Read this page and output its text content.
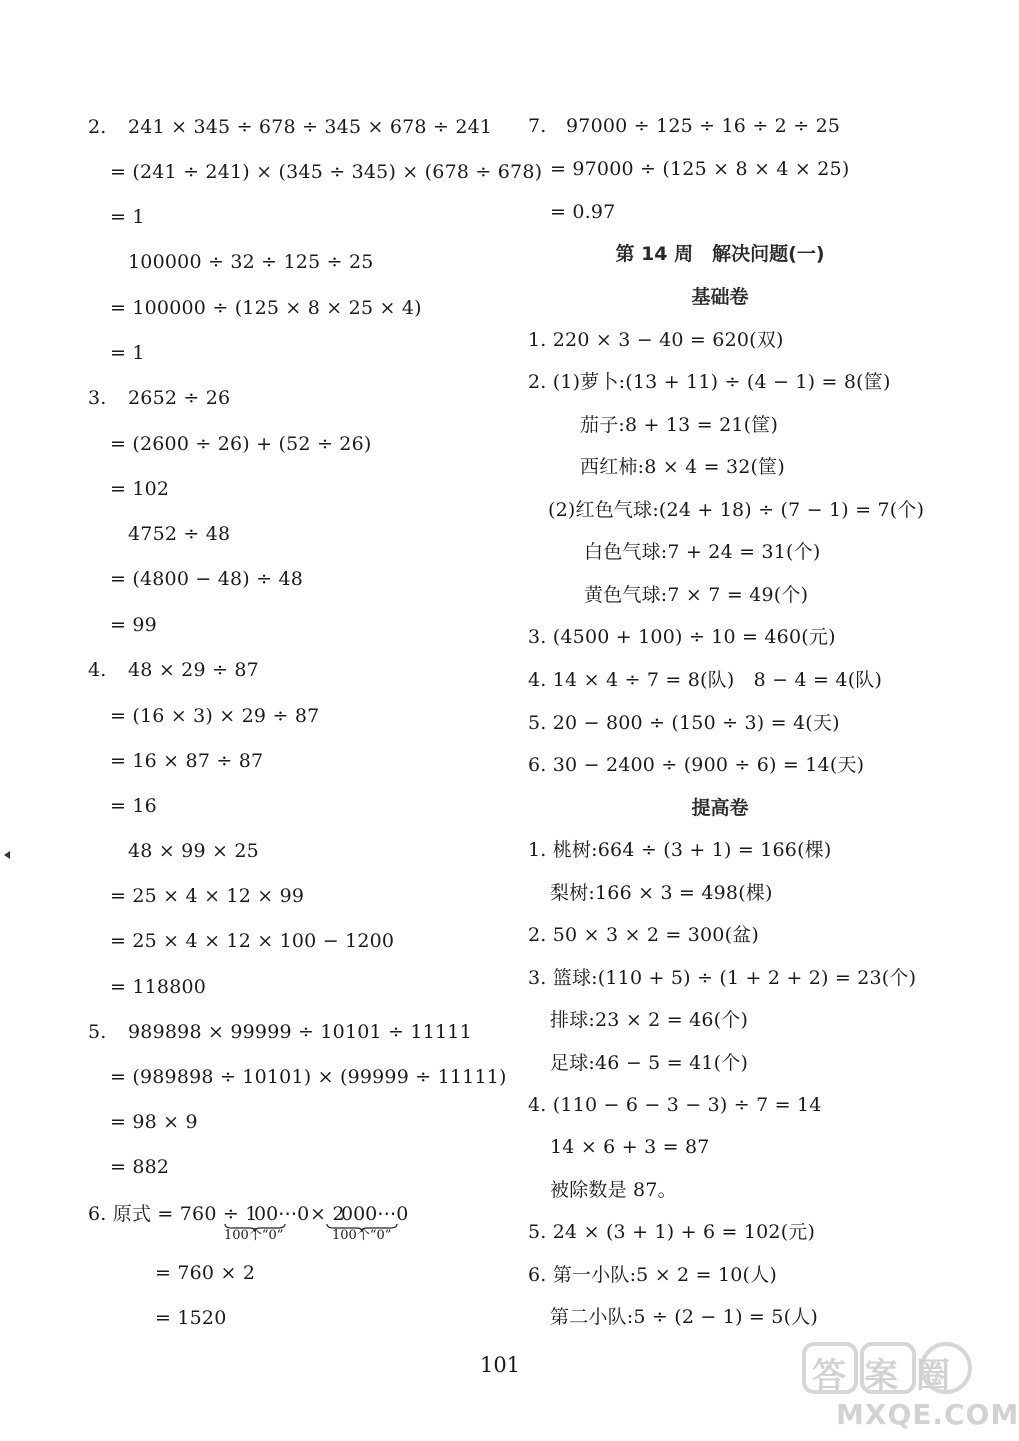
2. 241 × 345 ÷ 678 ÷ 345 × 678 ÷ 241
= (241 ÷ 241) × (345 ÷ 345) × (678 ÷ 678)
= 1
100000 ÷ 32 ÷ 125 ÷ 25
= 100000 ÷ (125 × 8 × 25 × 4)
= 1
3. 2652 ÷ 26
= (2600 ÷ 26) + (52 ÷ 26)
= 102
4752 ÷ 48
= (4800 − 48) ÷ 48
= 99
4. 48 × 29 ÷ 87
= (16 × 3) × 29 ÷ 87
= 16 × 87 ÷ 87
= 16
48 × 99 × 25
= 25 × 4 × 12 × 99
= 25 × 4 × 12 × 100 − 1200
= 118800
5. 989898 × 99999 ÷ 10101 ÷ 11111
= (989898 ÷ 10101) × (99999 ÷ 11111)
= 98 × 9
= 882
6. 原式 = 760 ÷ 1
00⋯0
100个“0”
× 2
000⋯0
100个“0”
= 760 × 2
= 1520
7. 97000 ÷ 125 ÷ 16 ÷ 2 ÷ 25
= 97000 ÷ (125 × 8 × 4 × 25)
= 0.97
第 14 周　解决问题(一)
基础卷
1. 220 × 3 − 40 = 620(双)
2. (1)萝卜:(13 + 11) ÷ (4 − 1) = 8(筐)
茄子:8 + 13 = 21(筐)
西红柿:8 × 4 = 32(筐)
(2)红色气球:(24 + 18) ÷ (7 − 1) = 7(个)
白色气球:7 + 24 = 31(个)
黄色气球:7 × 7 = 49(个)
3. (4500 + 100) ÷ 10 = 460(元)
4. 14 × 4 ÷ 7 = 8(队)　8 − 4 = 4(队)
5. 20 − 800 ÷ (150 ÷ 3) = 4(天)
6. 30 − 2400 ÷ (900 ÷ 6) = 14(天)
提高卷
1. 桃树:664 ÷ (3 + 1) = 166(棵)
梨树:166 × 3 = 498(棵)
2. 50 × 3 × 2 = 300(盆)
3. 篮球:(110 + 5) ÷ (1 + 2 + 2) = 23(个)
排球:23 × 2 = 46(个)
足球:46 − 5 = 41(个)
4. (110 − 6 − 3 − 3) ÷ 7 = 14
14 × 6 + 3 = 87
被除数是 87。
5. 24 × (3 + 1) + 6 = 102(元)
6. 第一小队:5 × 2 = 10(人)
第二小队:5 ÷ (2 − 1) = 5(人)
101	答案圈
MXQE.COM
